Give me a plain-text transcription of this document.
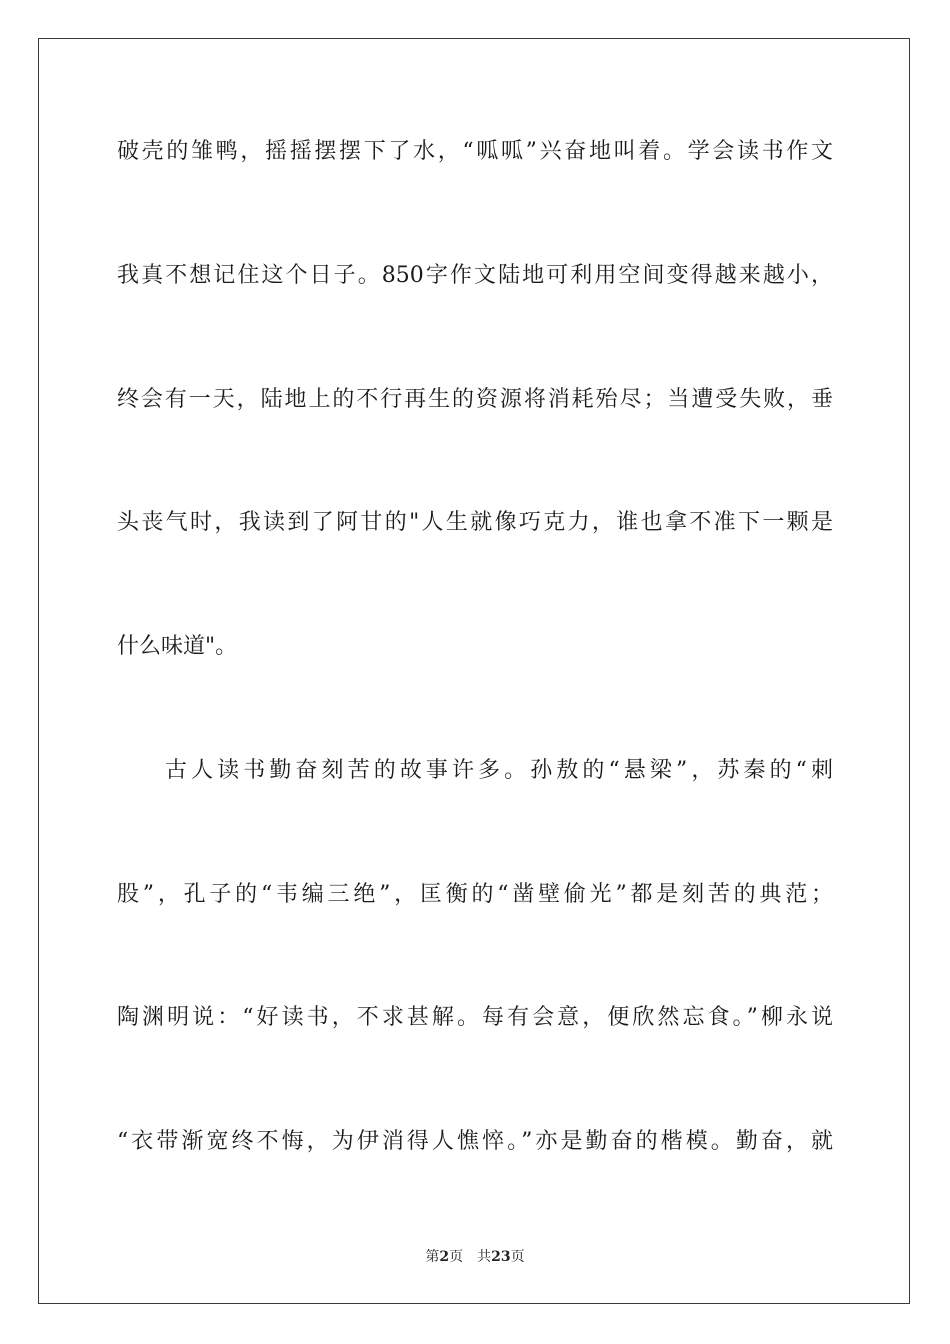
破壳的雏鸭，摇摇摆摆下了水，“呱呱”兴奋地叫着。学会读书作文
我真不想记住这个日子。850字作文陆地可利用空间变得越来越小，
终会有一天，陆地上的不行再生的资源将消耗殆尽；当遭受失败，垂
头丧气时，我读到了阿甘的"人生就像巧克力，谁也拿不准下一颗是
什么味道"。
古人读书勤奋刻苦的故事许多。孙敖的“悬梁”，苏秦的“刺
股”，孔子的“韦编三绝”，匡衡的“凿壁偷光”都是刻苦的典范；
陶渊明说：“好读书，不求甚解。每有会意，便欣然忘食。”柳永说
“衣带渐宽终不悔，为伊消得人憔悴。”亦是勤奋的楷模。勤奋，就
第2页 共23页
